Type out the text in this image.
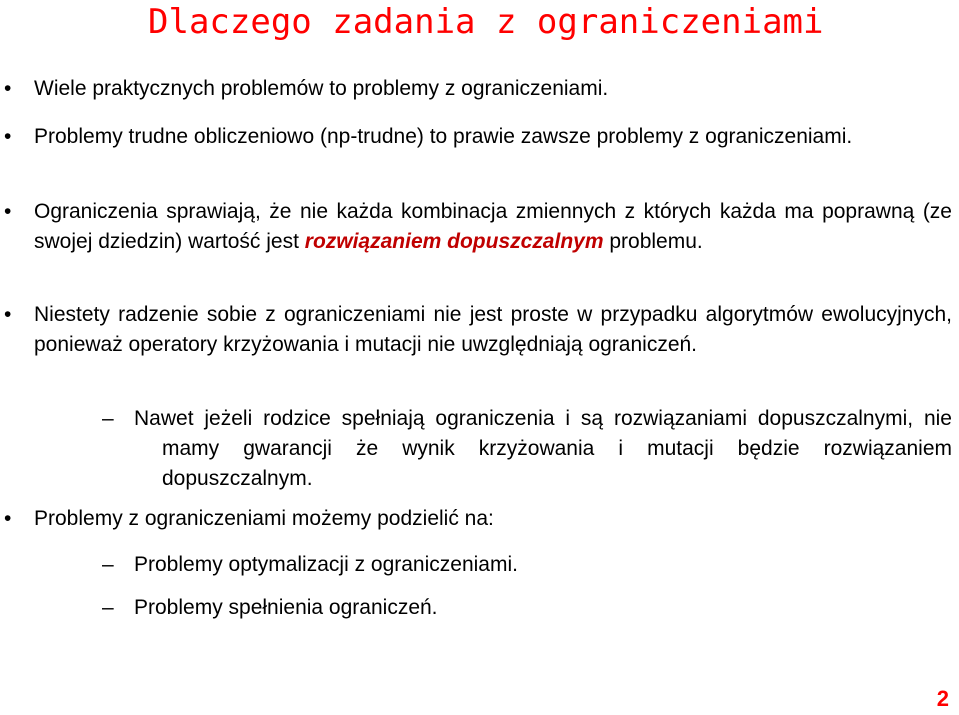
Dlaczego zadania z ograniczeniami
•	Wiele praktycznych problemów to problemy z ograniczeniami.
•	Problemy trudne obliczeniowo (np-trudne) to prawie zawsze problemy z ograniczeniami.
•	Ograniczenia sprawiają, że nie każda kombinacja zmiennych z których każda ma poprawną (ze swojej dziedzin) wartość jest rozwiązaniem dopuszczalnym problemu.
•	Niestety radzenie sobie z ograniczeniami nie jest proste w przypadku algorytmów ewolucyjnych, ponieważ operatory krzyżowania i mutacji nie uwzględniają ograniczeń.
– Nawet jeżeli rodzice spełniają ograniczenia i są rozwiązaniami dopuszczalnymi, nie mamy gwarancji że wynik krzyżowania i mutacji będzie rozwiązaniem dopuszczalnym.
•	Problemy z ograniczeniami możemy podzielić na:
– Problemy optymalizacji z ograniczeniami.
– Problemy spełnienia ograniczeń.
2
